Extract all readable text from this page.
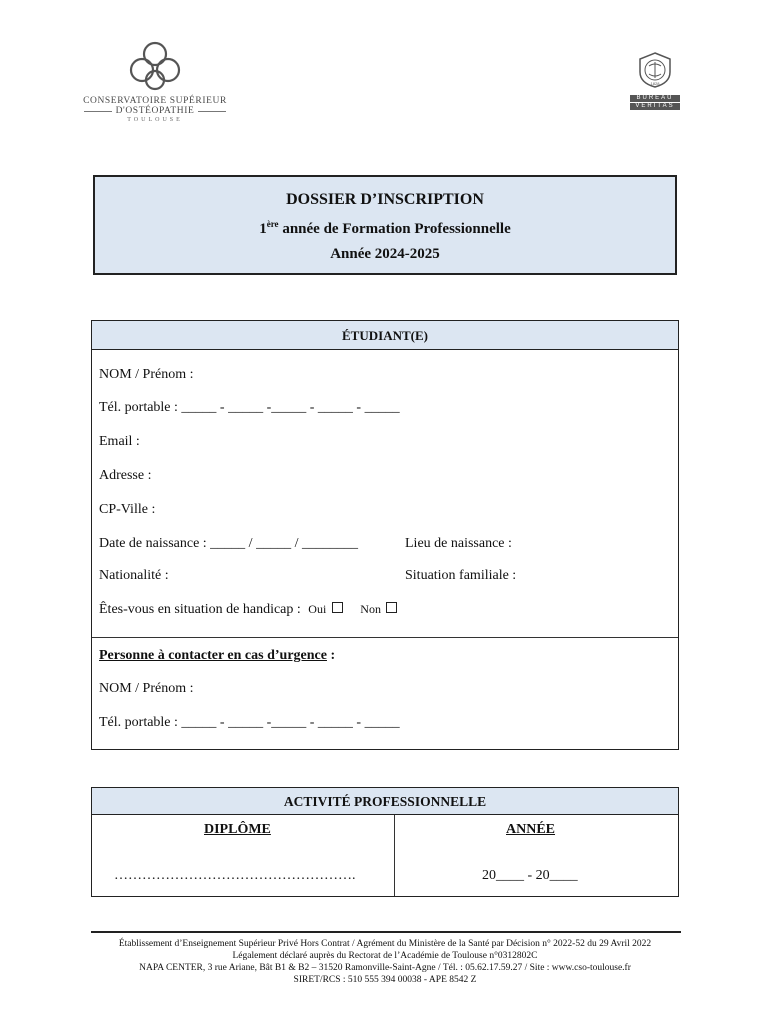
CONSERVATOIRE SUPÉRIEUR
D'OSTÉOPATHIE
TOULOUSE
1828
BUREAU
VERITAS
DOSSIER D’INSCRIPTION
1ère année de Formation Professionnelle
Année 2024-2025
ÉTUDIANT(E)
NOM / Prénom :
Tél. portable : _____ - _____ -_____ - _____ - _____
Email :
Adresse :
CP-Ville :
Date de naissance : _____ / _____ / ________	Lieu de naissance :
Nationalité :	Situation familiale :
Êtes-vous en situation de handicap : Oui	Non
Personne à contacter en cas d’urgence :
NOM / Prénom :
Tél. portable : _____ - _____ -_____ - _____ - _____
ACTIVITÉ PROFESSIONNELLE
DIPLÔME	ANNÉE
…………………………………………….	20____ - 20____
Établissement d’Enseignement Supérieur Privé Hors Contrat / Agrément du Ministère de la Santé par Décision n° 2022-52 du 29 Avril 2022
Légalement déclaré auprès du Rectorat de l’Académie de Toulouse n°0312802C
NAPA CENTER, 3 rue Ariane, Bât B1 & B2 – 31520 Ramonville-Saint-Agne / Tél. : 05.62.17.59.27 / Site : www.cso-toulouse.fr
SIRET/RCS : 510 555 394 00038 - APE 8542 Z
